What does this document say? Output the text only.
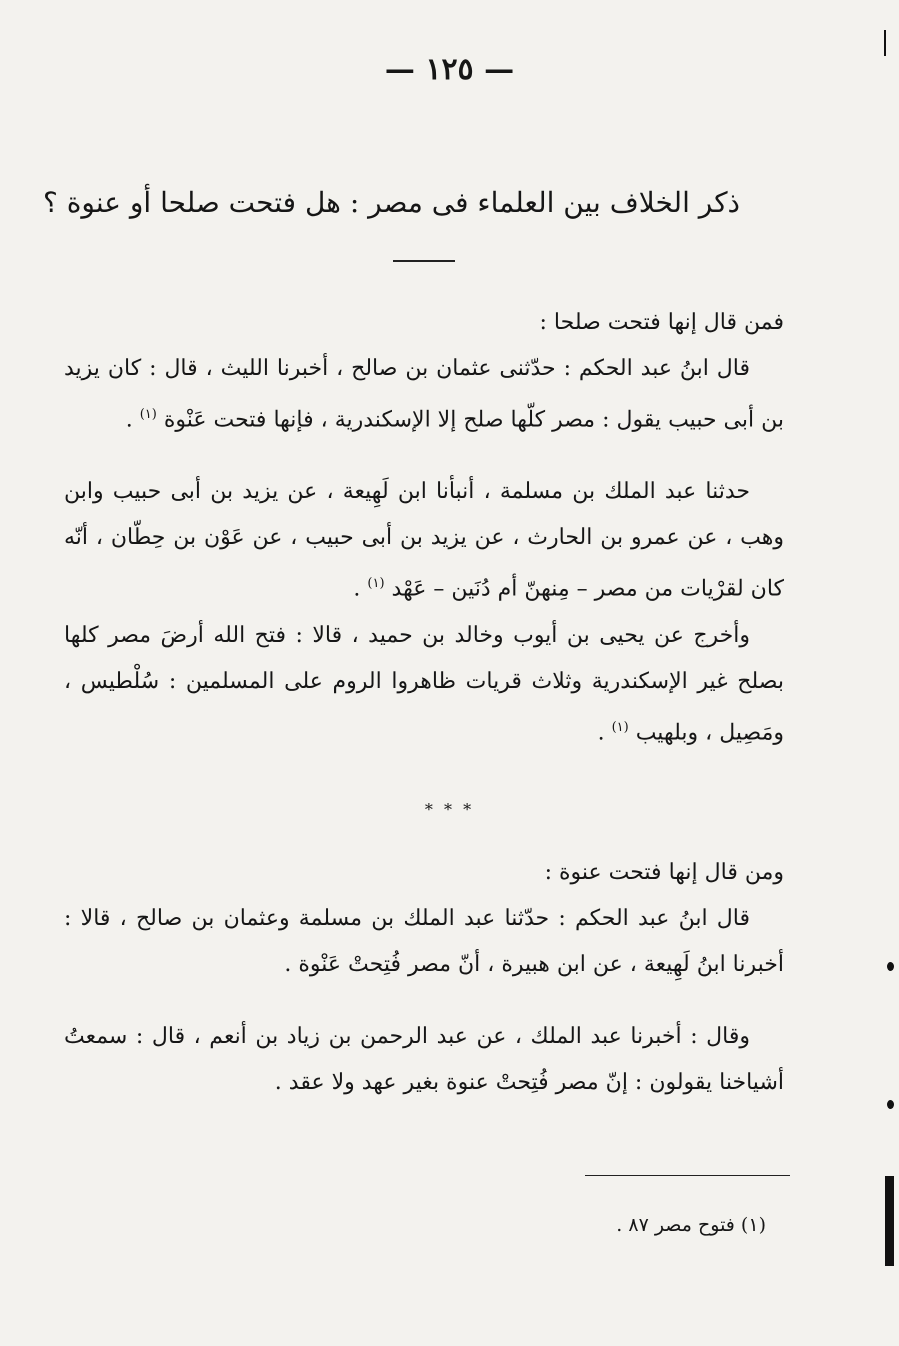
— ١٢٥ —
ذكر الخلاف بين العلماء فى مصر : هل فتحت صلحا أو عنوة ؟

فمن قال إنها فتحت صلحا :

قال ابنُ عبد الحكم : حدّثنى عثمان بن صالح ، أخبرنا الليث ، قال : كان يزيد بن أبى حبيب يقول : مصر كلّها صلح إلا الإسكندرية ، فإنها فتحت عَنْوة $^{(١)}$ .

حدثنا عبد الملك بن مسلمة ، أنبأنا ابن لَهِيعة ، عن يزيد بن أبى حبيب وابن وهب ، عن عمرو بن الحارث ، عن يزيد بن أبى حبيب ، عن عَوْن بن حِطّان ، أنّه كان لقرْيات من مصر – مِنهنّ أم دُنَين – عَهْد $^{(١)}$ .

وأخرج عن يحيى بن أيوب وخالد بن حميد ، قالا : فتح الله أرضَ مصر كلها بصلح غير الإسكندرية وثلاث قريات ظاهروا الروم على المسلمين : سُلْطيس ، ومَصِيل ، وبلهيب $^{(١)}$ .

* * *

ومن قال إنها فتحت عنوة :

قال ابنُ عبد الحكم : حدّثنا عبد الملك بن مسلمة وعثمان بن صالح ، قالا : أخبرنا ابنُ لَهِيعة ، عن ابن هبيرة ، أنّ مصر فُتِحتْ عَنْوة .

وقال : أخبرنا عبد الملك ، عن عبد الرحمن بن زياد بن أنعم ، قال : سمعتُ أشياخنا يقولون : إنّ مصر فُتِحتْ عنوة بغير عهد ولا عقد .

(١) فتوح مصر ٨٧ .
